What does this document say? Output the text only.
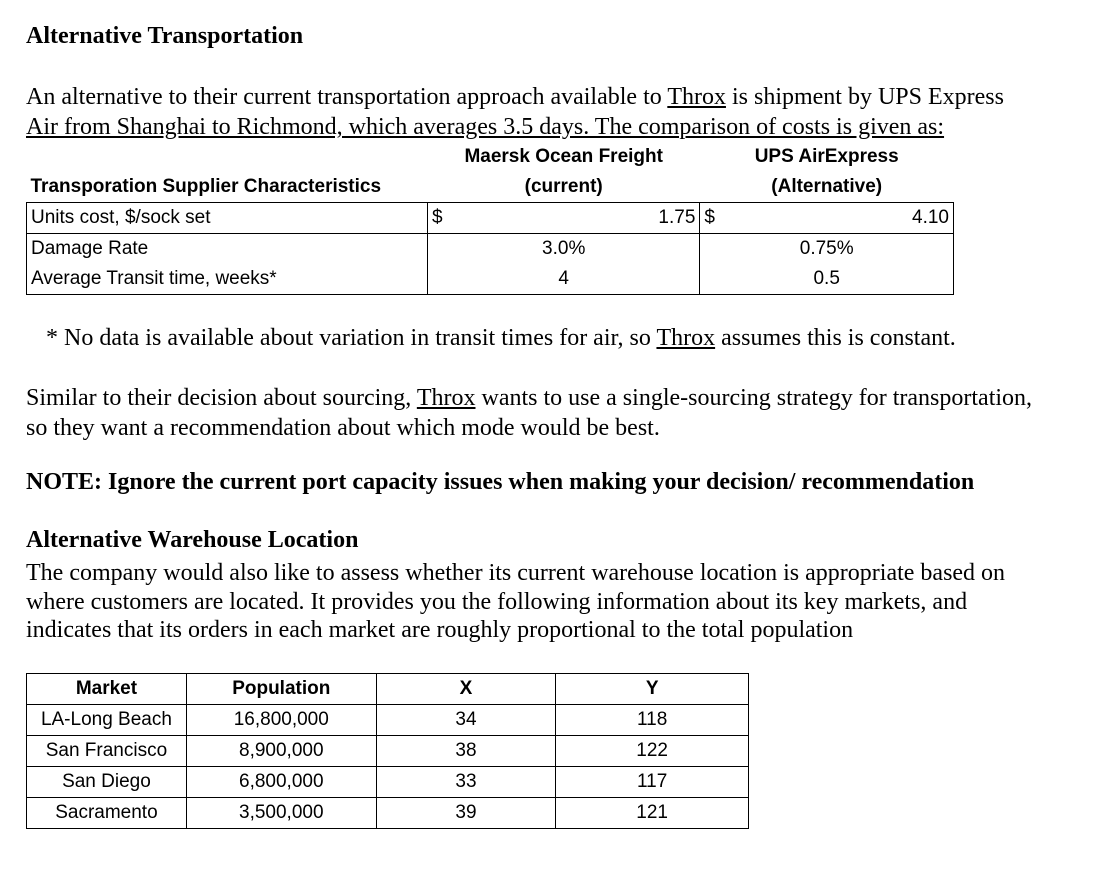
Alternative Transportation
An alternative to their current transportation approach available to Throx is shipment by UPS Express
Air from Shanghai to Richmond, which averages 3.5 days. The comparison of costs is given as:
	Maersk Ocean Freight		UPS AirExpress	
Transporation Supplier Characteristics	(current)		(Alternative)	
Units cost, $/sock set	$	1.75	$	4.10
Damage Rate	3.0%		0.75%	
Average Transit time, weeks*	4		0.5	
* No data is available about variation in transit times for air, so Throx assumes this is constant.
Similar to their decision about sourcing, Throx wants to use a single-sourcing strategy for transportation,
so they want a recommendation about which mode would be best.
NOTE: Ignore the current port capacity issues when making your decision/ recommendation
Alternative Warehouse Location
The company would also like to assess whether its current warehouse location is appropriate based on
where customers are located. It provides you the following information about its key markets, and
indicates that its orders in each market are roughly proportional to the total population
Market	Population	X	Y
LA-Long Beach	16,800,000	34	118
San Francisco	8,900,000	38	122
San Diego	6,800,000	33	117
Sacramento	3,500,000	39	121
